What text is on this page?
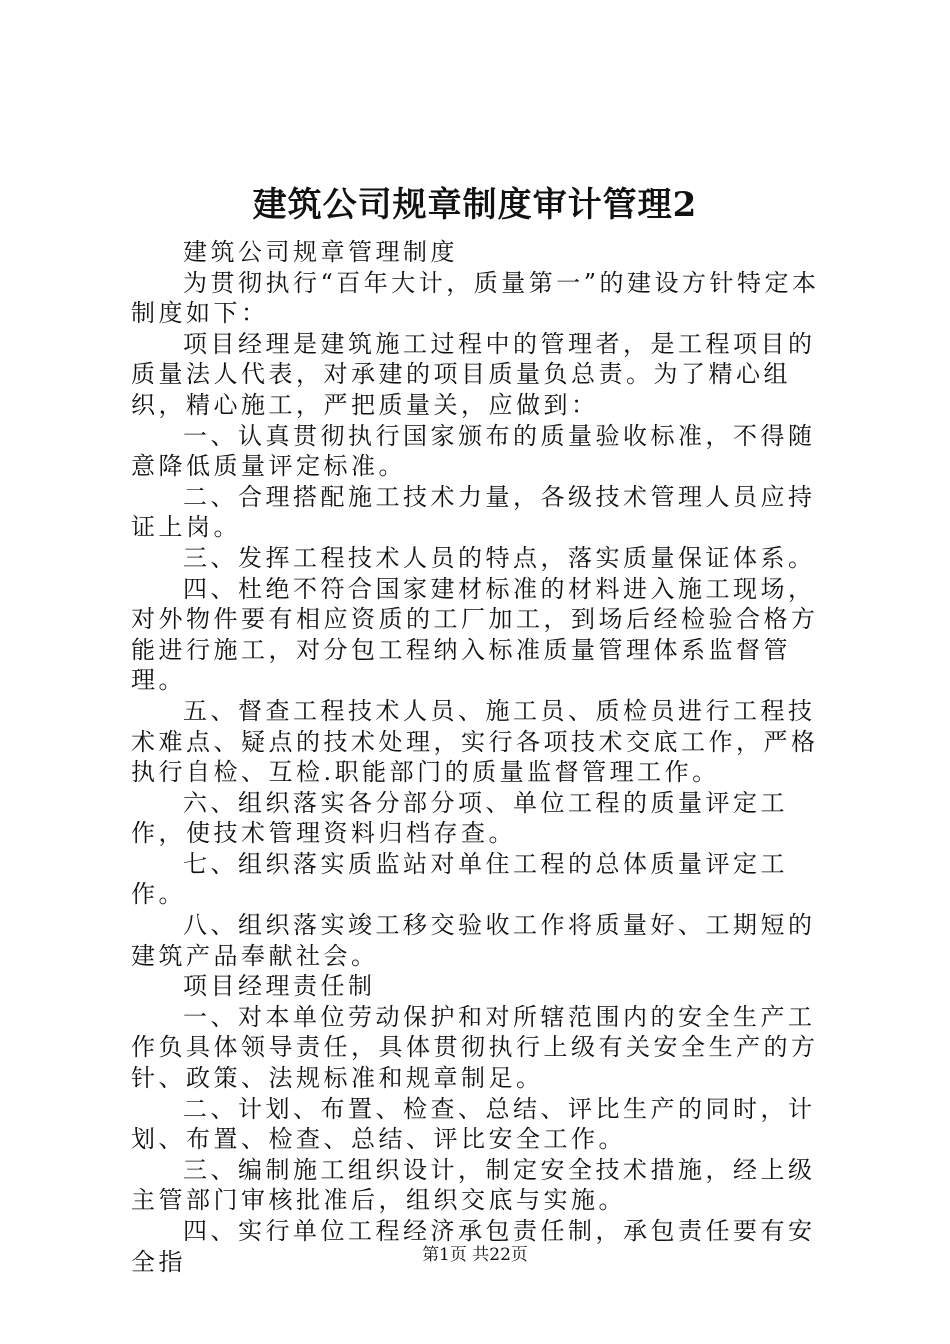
建筑公司规章制度审计管理2

建筑公司规章管理制度

为贯彻执行“百年大计，质量第一”的建设方针特定本制度如下：

项目经理是建筑施工过程中的管理者，是工程项目的质量法人代表，对承建的项目质量负总责。为了精心组织，精心施工，严把质量关，应做到：

一、认真贯彻执行国家颁布的质量验收标准，不得随意降低质量评定标准。

二、合理搭配施工技术力量，各级技术管理人员应持证上岗。

三、发挥工程技术人员的特点，落实质量保证体系。

四、杜绝不符合国家建材标准的材料进入施工现场，对外物件要有相应资质的工厂加工，到场后经检验合格方能进行施工，对分包工程纳入标准质量管理体系监督管理。

五、督查工程技术人员、施工员、质检员进行工程技术难点、疑点的技术处理，实行各项技术交底工作，严格执行自检、互检.职能部门的质量监督管理工作。

六、组织落实各分部分项、单位工程的质量评定工作，使技术管理资料归档存查。

七、组织落实质监站对单住工程的总体质量评定工作。

八、组织落实竣工移交验收工作将质量好、工期短的建筑产品奉献社会。

项目经理责任制

一、对本单位劳动保护和对所辖范围内的安全生产工作负具体领导责任，具体贯彻执行上级有关安全生产的方针、政策、法规标准和规章制足。

二、计划、布置、检查、总结、评比生产的同时，计划、布置、检查、总结、评比安全工作。

三、编制施工组织设计，制定安全技术措施，经上级主管部门审核批准后，组织交底与实施。

四、实行单位工程经济承包责任制，承包责任要有安全指	第1页 共22页
